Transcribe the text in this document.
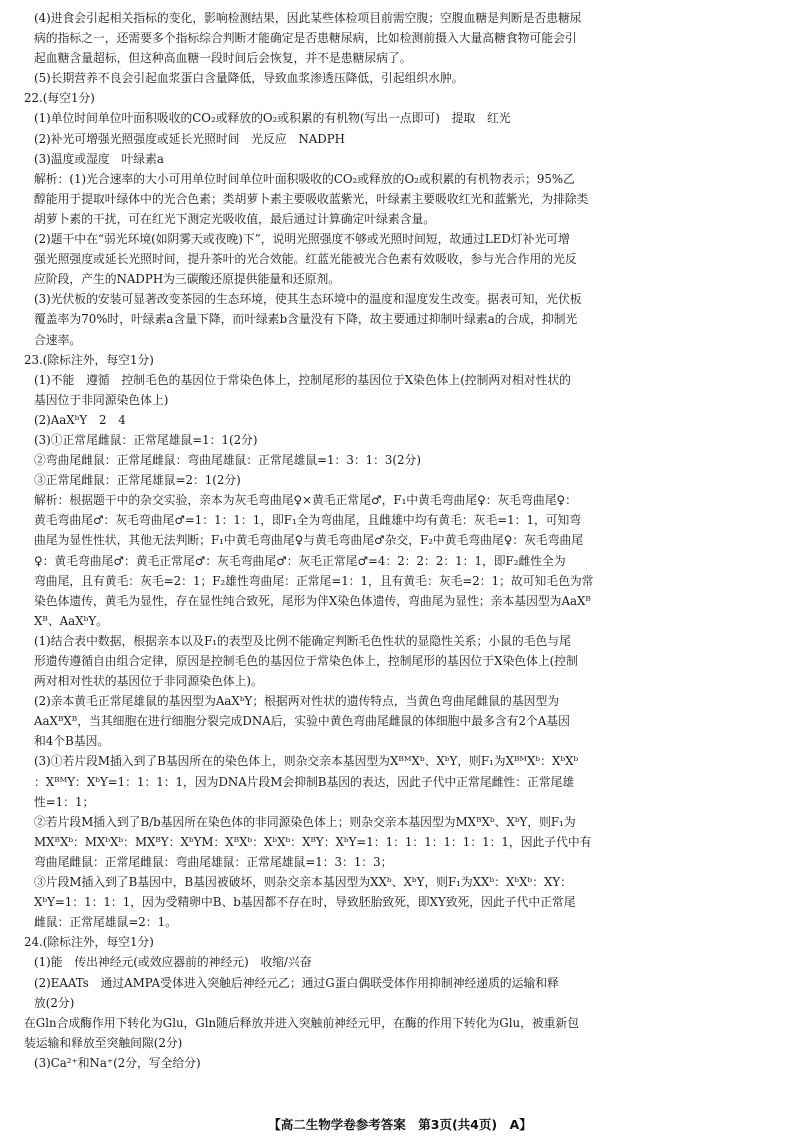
(4)进食会引起相关指标的变化，影响检测结果，因此某些体检项目前需空腹；空腹血糖是判断是否患糖尿
病的指标之一，还需要多个指标综合判断才能确定是否患糖尿病，比如检测前摄入大量高糖食物可能会引
起血糖含量超标，但这种高血糖一段时间后会恢复，并不是患糖尿病了。
(5)长期营养不良会引起血浆蛋白含量降低，导致血浆渗透压降低，引起组织水肿。
22.(每空1分)
(1)单位时间单位叶面积吸收的CO₂或释放的O₂或积累的有机物(写出一点即可)　提取　红光
(2)补光可增强光照强度或延长光照时间　光反应　NADPH
(3)温度或湿度　叶绿素a
解析：(1)光合速率的大小可用单位时间单位叶面积吸收的CO₂或释放的O₂或积累的有机物表示；95%乙
醇能用于提取叶绿体中的光合色素；类胡萝卜素主要吸收蓝紫光，叶绿素主要吸收红光和蓝紫光，为排除类
胡萝卜素的干扰，可在红光下测定光吸收值，最后通过计算确定叶绿素含量。
(2)题干中在“弱光环境(如阴雾天或夜晚)下”，说明光照强度不够或光照时间短，故通过LED灯补光可增
强光照强度或延长光照时间，提升茶叶的光合效能。红蓝光能被光合色素有效吸收，参与光合作用的光反
应阶段，产生的NADPH为三碳酸还原提供能量和还原剂。
(3)光伏板的安装可显著改变茶园的生态环境，使其生态环境中的温度和湿度发生改变。据表可知，光伏板
覆盖率为70%时，叶绿素a含量下降，而叶绿素b含量没有下降，故主要通过抑制叶绿素a的合成，抑制光
合速率。
23.(除标注外，每空1分)
(1)不能　遵循　控制毛色的基因位于常染色体上，控制尾形的基因位于X染色体上(控制两对相对性状的
基因位于非同源染色体上)
(2)AaXᵇY　2　4
(3)①正常尾雌鼠：正常尾雄鼠=1：1(2分)
②弯曲尾雌鼠：正常尾雌鼠：弯曲尾雄鼠：正常尾雄鼠=1：3：1：3(2分)
③正常尾雌鼠：正常尾雄鼠=2：1(2分)
解析：根据题干中的杂交实验，亲本为灰毛弯曲尾♀×黄毛正常尾♂，F₁中黄毛弯曲尾♀：灰毛弯曲尾♀：
黄毛弯曲尾♂：灰毛弯曲尾♂=1：1：1：1，即F₁全为弯曲尾，且雌雄中均有黄毛：灰毛=1：1，可知弯
曲尾为显性性状，其他无法判断；F₁中黄毛弯曲尾♀与黄毛弯曲尾♂杂交，F₂中黄毛弯曲尾♀：灰毛弯曲尾
♀：黄毛弯曲尾♂：黄毛正常尾♂：灰毛弯曲尾♂：灰毛正常尾♂=4：2：2：2：1：1，即F₂雌性全为
弯曲尾，且有黄毛：灰毛=2：1；F₂雄性弯曲尾：正常尾=1：1，且有黄毛：灰毛=2：1；故可知毛色为常
染色体遗传，黄毛为显性，存在显性纯合致死，尾形为伴X染色体遗传，弯曲尾为显性；亲本基因型为AaXᴮ
Xᴮ、AaXᵇY。
(1)结合表中数据，根据亲本以及F₁的表型及比例不能确定判断毛色性状的显隐性关系；小鼠的毛色与尾
形遗传遵循自由组合定律，原因是控制毛色的基因位于常染色体上，控制尾形的基因位于X染色体上(控制
两对相对性状的基因位于非同源染色体上)。
(2)亲本黄毛正常尾雄鼠的基因型为AaXᵇY；根据两对性状的遗传特点，当黄色弯曲尾雌鼠的基因型为
AaXᴮXᴮ，当其细胞在进行细胞分裂完成DNA后，实验中黄色弯曲尾雌鼠的体细胞中最多含有2个A基因
和4个B基因。
(3)①若片段M插入到了B基因所在的染色体上，则杂交亲本基因型为XᴮᴹXᵇ、XᵇY，则F₁为XᴮᴹXᵇ：XᵇXᵇ
：XᴮᴹY：XᵇY=1：1：1：1，因为DNA片段M会抑制B基因的表达，因此子代中正常尾雌性：正常尾雄
性=1：1；
②若片段M插入到了B/b基因所在染色体的非同源染色体上；则杂交亲本基因型为MXᴮXᵇ、XᵇY，则F₁为
MXᴮXᵇ：MXᵇXᵇ：MXᴮY：XᵇYM：XᴮXᵇ：XᵇXᵇ：XᴮY：XᵇY=1：1：1：1：1：1：1：1，因此子代中有
弯曲尾雌鼠：正常尾雌鼠：弯曲尾雄鼠：正常尾雄鼠=1：3：1：3；
③片段M插入到了B基因中，B基因被破坏，则杂交亲本基因型为XXᵇ、XᵇY，则F₁为XXᵇ：XᵇXᵇ：XY：
XᵇY=1：1：1：1，因为受精卵中B、b基因都不存在时，导致胚胎致死，即XY致死，因此子代中正常尾
雌鼠：正常尾雄鼠=2：1。
24.(除标注外，每空1分)
(1)能　传出神经元(或效应器前的神经元)　收缩/兴奋
(2)EAATs　通过AMPA受体进入突触后神经元乙；通过G蛋白偶联受体作用抑制神经递质的运输和释
放(2分)
在Gln合成酶作用下转化为Glu，Gln随后释放并进入突触前神经元甲，在酶的作用下转化为Glu，被重新包
装运输和释放至突触间隙(2分)
(3)Ca²⁺和Na⁺(2分，写全给分)
【高二生物学卷参考答案　第3页(共4页)　A】
